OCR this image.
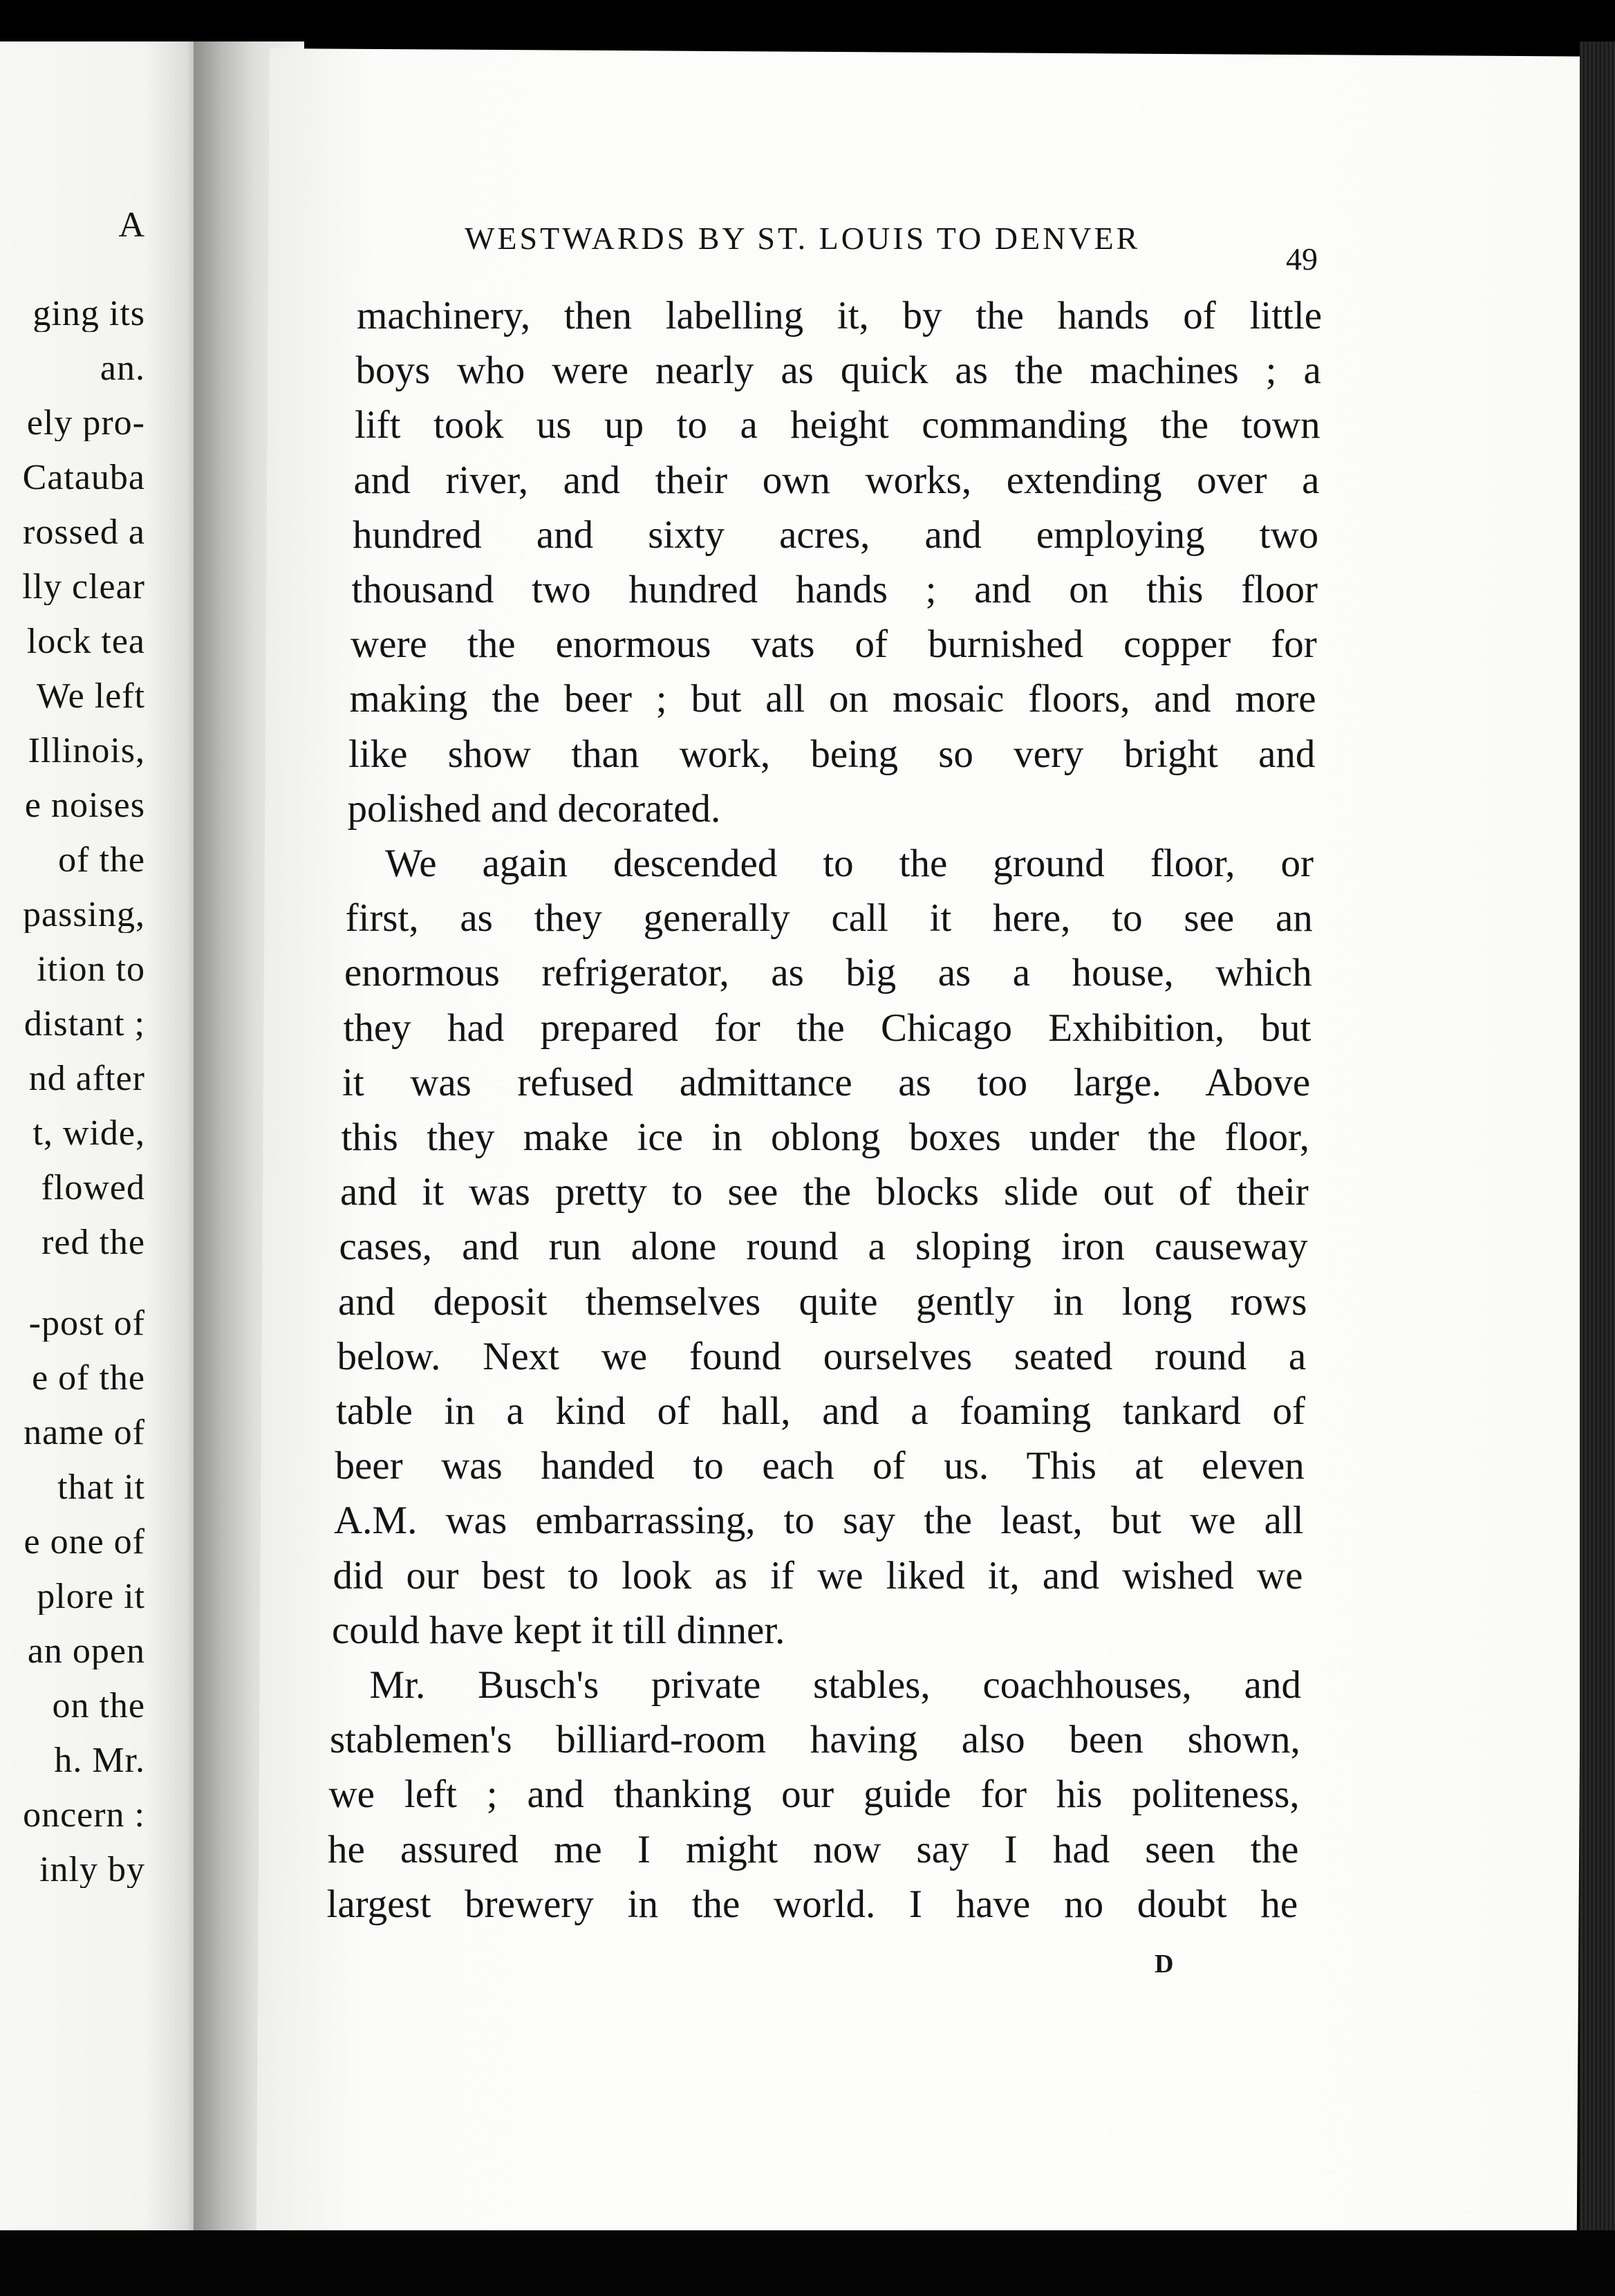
A
ging its
an.
ely pro-
Catauba
rossed a
lly clear
lock tea
We left
Illinois,
e noises
of the
passing,
ition to
distant ;
nd after
t, wide,
flowed
red the
-post of
e of the
name of
that it
e one of
plore it
an open
on the
h. Mr.
oncern :
inly by
WESTWARDS BY ST. LOUIS TO DENVER
49
D
machinery, then labelling it, by the hands of little
boys who were nearly as quick as the machines ; a
lift took us up to a height commanding the town
and river, and their own works, extending over a
hundred and sixty acres, and employing two
thousand two hundred hands ; and on this floor
were the enormous vats of burnished copper for
making the beer ; but all on mosaic floors, and more
like show than work, being so very bright and
polished and decorated.
We again descended to the ground floor, or
first, as they generally call it here, to see an
enormous refrigerator, as big as a house, which
they had prepared for the Chicago Exhibition, but
it was refused admittance as too large. Above
this they make ice in oblong boxes under the floor,
and it was pretty to see the blocks slide out of their
cases, and run alone round a sloping iron causeway
and deposit themselves quite gently in long rows
below. Next we found ourselves seated round a
table in a kind of hall, and a foaming tankard of
beer was handed to each of us. This at eleven
A.M. was embarrassing, to say the least, but we all
did our best to look as if we liked it, and wished we
could have kept it till dinner.
Mr. Busch's private stables, coachhouses, and
stablemen's billiard-room having also been shown,
we left ; and thanking our guide for his politeness,
he assured me I might now say I had seen the
largest brewery in the world. I have no doubt he
